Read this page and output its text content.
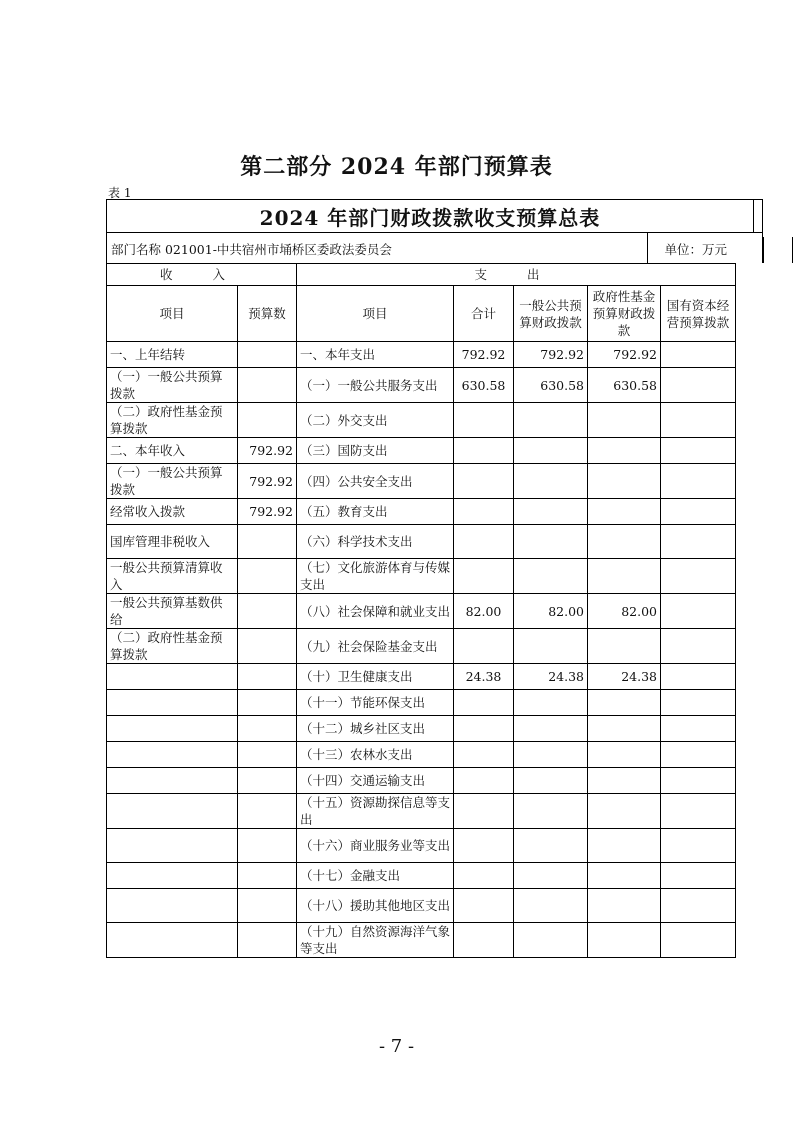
第二部分 2024 年部门预算表
表 1
2024 年部门财政拨款收支预算总表
部门名称 021001-中共宿州市埇桥区委政法委员会	单位：万元
收 入		支 出				
项目	预算数	项目	合计	一般公共预算财政拨款	政府性基金预算财政拨款	国有资本经营预算拨款
一、上年结转		一、本年支出	792.92	792.92	792.92	
（一）一般公共预算拨款		（一）一般公共服务支出	630.58	630.58	630.58	
（二）政府性基金预算拨款		（二）外交支出				
二、本年收入	792.92	（三）国防支出				
（一）一般公共预算拨款	792.92	（四）公共安全支出				
经常收入拨款	792.92	（五）教育支出				
国库管理非税收入		（六）科学技术支出				
一般公共预算清算收入		（七）文化旅游体育与传媒支出				
一般公共预算基数供给		（八）社会保障和就业支出	82.00	82.00	82.00	
（二）政府性基金预算拨款		（九）社会保险基金支出				
		（十）卫生健康支出	24.38	24.38	24.38	
		（十一）节能环保支出				
		（十二）城乡社区支出				
		（十三）农林水支出				
		（十四）交通运输支出				
		（十五）资源勘探信息等支出				
		（十六）商业服务业等支出				
		（十七）金融支出				
		（十八）援助其他地区支出				
		（十九）自然资源海洋气象等支出				
- 7 -
